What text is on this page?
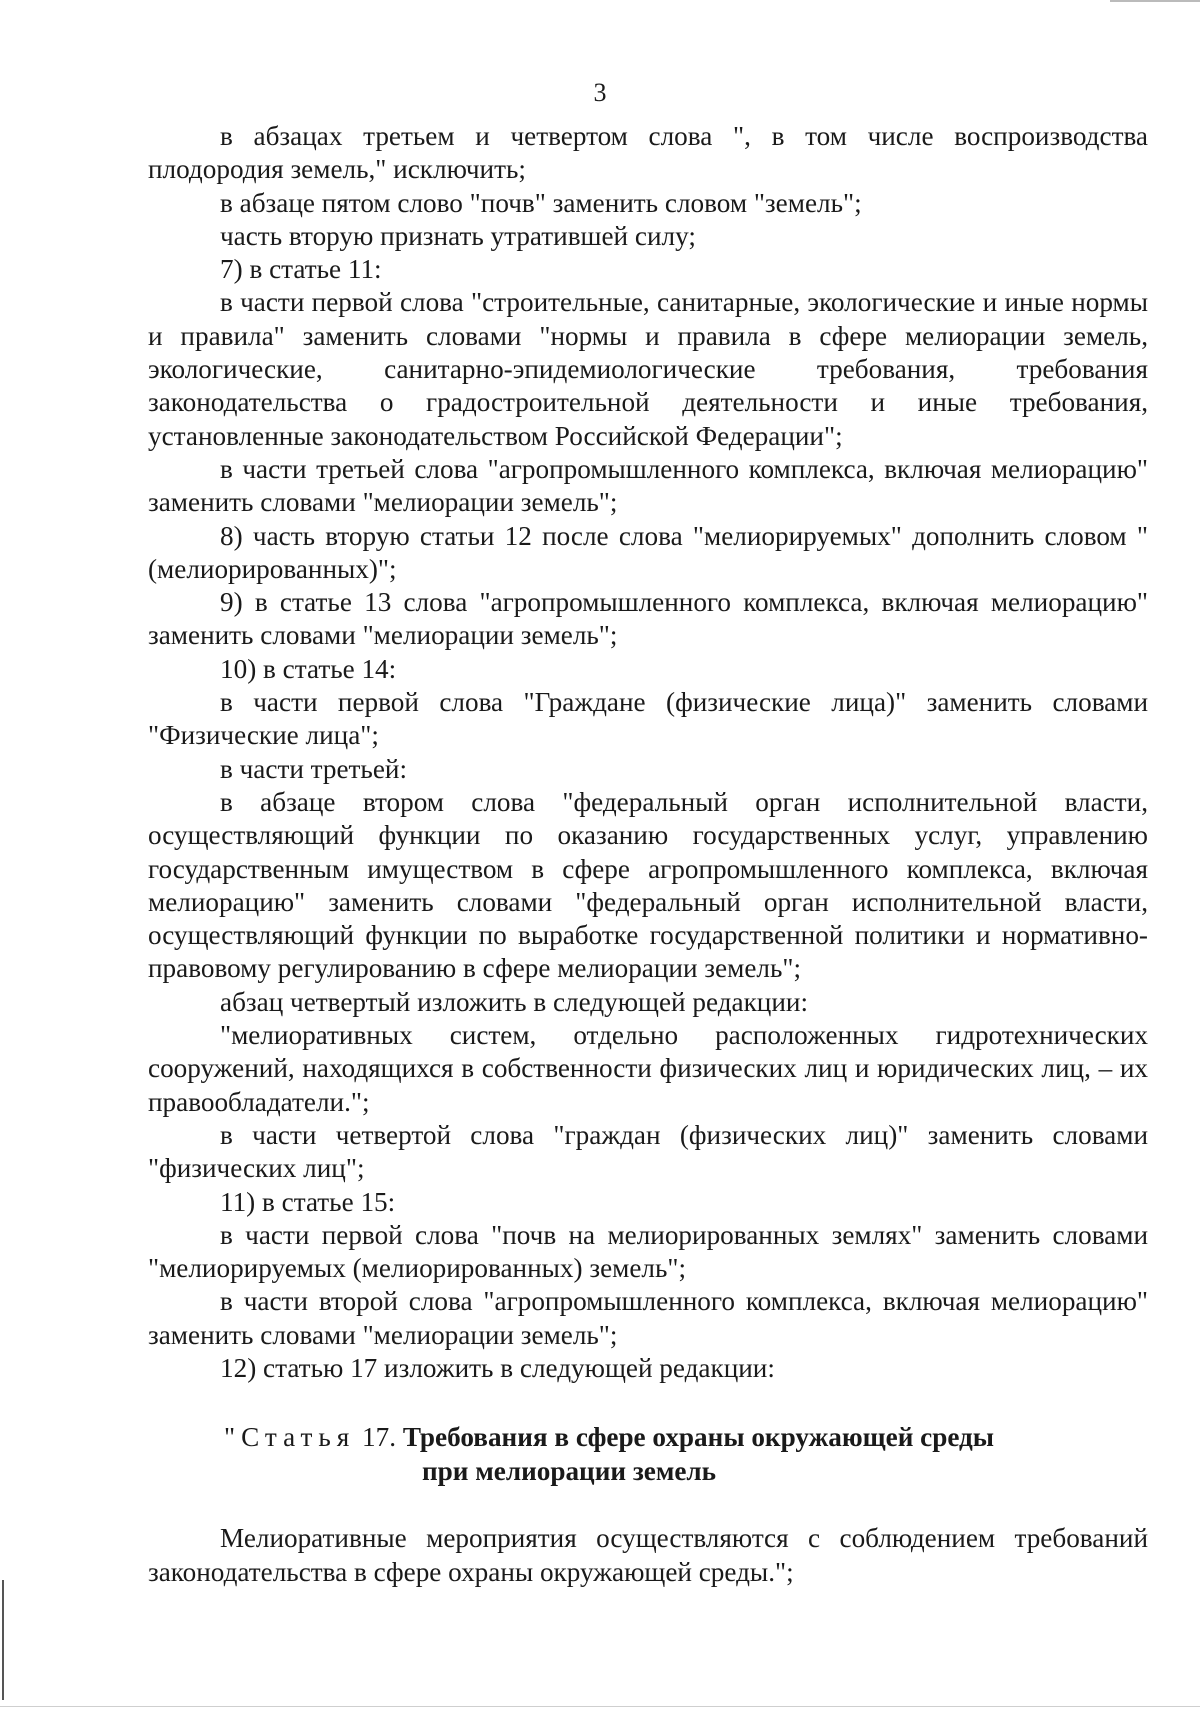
3

в абзацах третьем и четвертом слова ", в том числе воспроизводства плодородия земель," исключить;

в абзаце пятом слово "почв" заменить словом "земель";

часть вторую признать утратившей силу;

7) в статье 11:

в части первой слова "строительные, санитарные, экологические и иные нормы и правила" заменить словами "нормы и правила в сфере мелиорации земель, экологические, санитарно-эпидемиологические требования, требования законодательства о градостроительной деятельности и иные требования, установленные законодательством Российской Федерации";

в части третьей слова "агропромышленного комплекса, включая мелиорацию" заменить словами "мелиорации земель";

8) часть вторую статьи 12 после слова "мелиорируемых" дополнить словом "(мелиорированных)";

9) в статье 13 слова "агропромышленного комплекса, включая мелиорацию" заменить словами "мелиорации земель";

10) в статье 14:

в части первой слова "Граждане (физические лица)" заменить словами "Физические лица";

в части третьей:

в абзаце втором слова "федеральный орган исполнительной власти, осуществляющий функции по оказанию государственных услуг, управлению государственным имуществом в сфере агропромышленного комплекса, включая мелиорацию" заменить словами "федеральный орган исполнительной власти, осуществляющий функции по выработке государственной политики и нормативно-правовому регулированию в сфере мелиорации земель";

абзац четвертый изложить в следующей редакции:

"мелиоративных систем, отдельно расположенных гидротехнических сооружений, находящихся в собственности физических лиц и юридических лиц, – их правообладатели.";

в части четвертой слова "граждан (физических лиц)" заменить словами "физических лиц";

11) в статье 15:

в части первой слова "почв на мелиорированных землях" заменить словами "мелиорируемых (мелиорированных) земель";

в части второй слова "агропромышленного комплекса, включая мелиорацию" заменить словами "мелиорации земель";

12) статью 17 изложить в следующей редакции:

"Статья 17. Требования в сфере охраны окружающей среды

при мелиорации земель

Мелиоративные мероприятия осуществляются с соблюдением требований законодательства в сфере охраны окружающей среды.";
